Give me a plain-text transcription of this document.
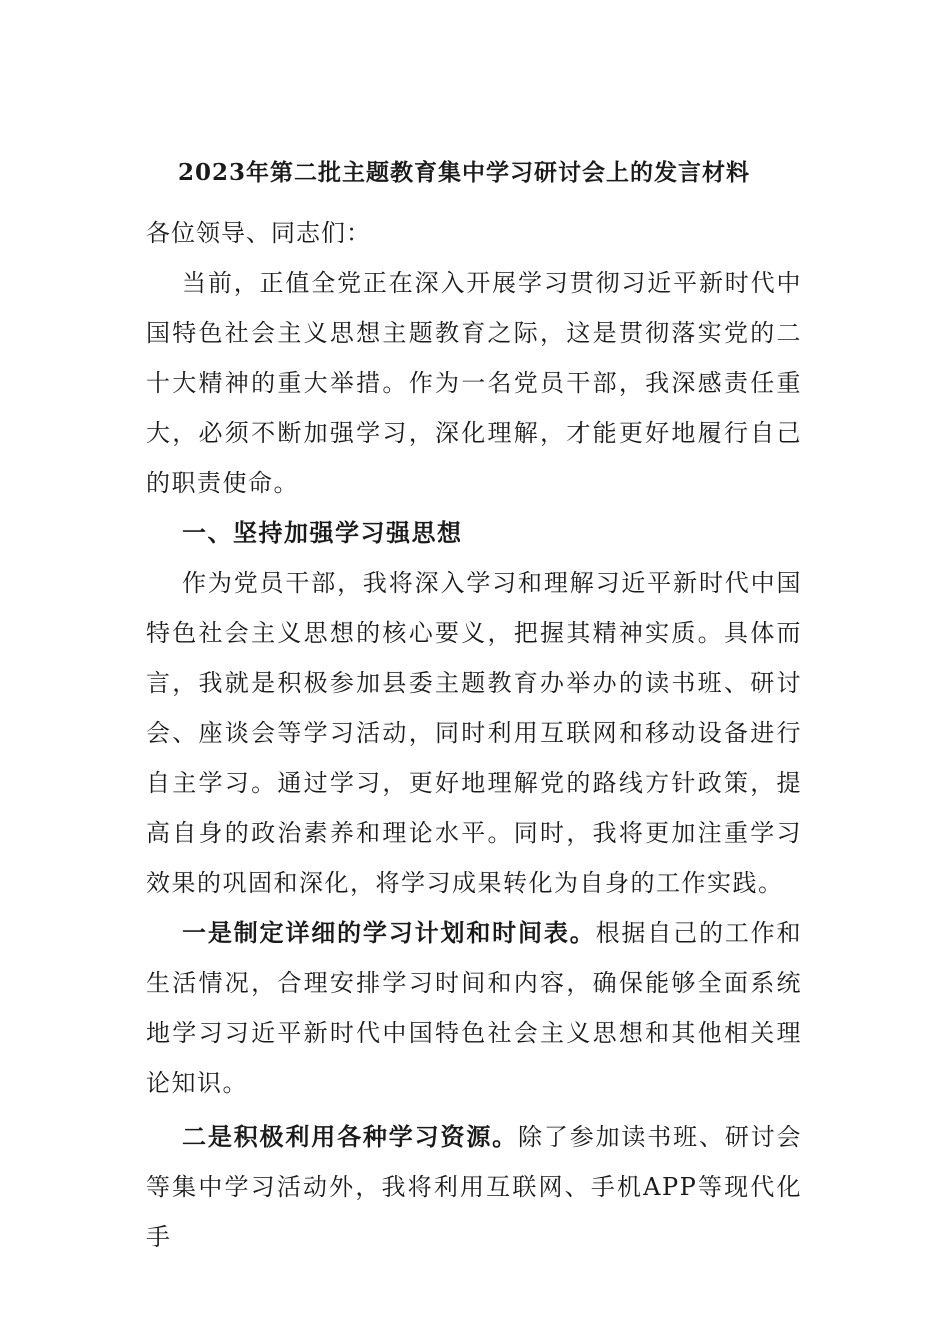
2023年第二批主题教育集中学习研讨会上的发言材料

各位领导、同志们：

当前，正值全党正在深入开展学习贯彻习近平新时代中国特色社会主义思想主题教育之际，这是贯彻落实党的二十大精神的重大举措。作为一名党员干部，我深感责任重大，必须不断加强学习，深化理解，才能更好地履行自己的职责使命。

一、坚持加强学习强思想

作为党员干部，我将深入学习和理解习近平新时代中国特色社会主义思想的核心要义，把握其精神实质。具体而言，我就是积极参加县委主题教育办举办的读书班、研讨会、座谈会等学习活动，同时利用互联网和移动设备进行自主学习。通过学习，更好地理解党的路线方针政策，提高自身的政治素养和理论水平。同时，我将更加注重学习效果的巩固和深化，将学习成果转化为自身的工作实践。

一是制定详细的学习计划和时间表。根据自己的工作和生活情况，合理安排学习时间和内容，确保能够全面系统地学习习近平新时代中国特色社会主义思想和其他相关理论知识。

二是积极利用各种学习资源。除了参加读书班、研讨会等集中学习活动外，我将利用互联网、手机APP等现代化手
